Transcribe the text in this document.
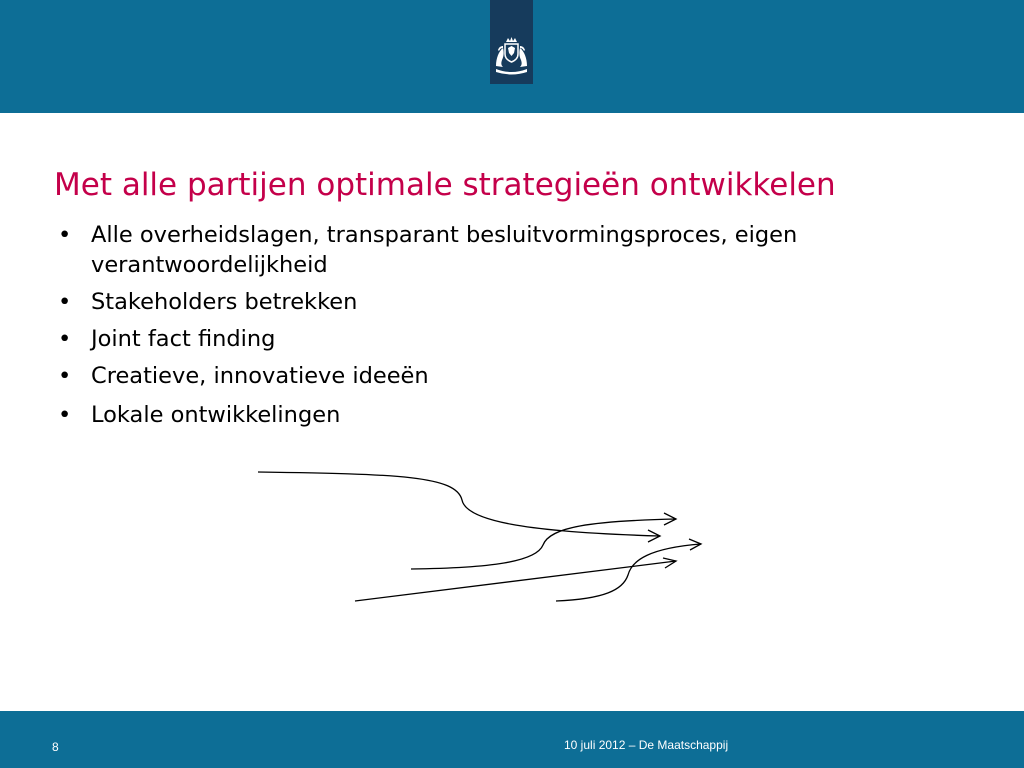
Met alle partijen optimale strategieën ontwikkelen
• Alle overheidslagen, transparant besluitvormingsproces, eigen verantwoordelijkheid
• Stakeholders betrekken
• Joint fact finding
• Creatieve, innovatieve ideeën
• Lokale ontwikkelingen
8	10 juli 2012 – De Maatschappij
